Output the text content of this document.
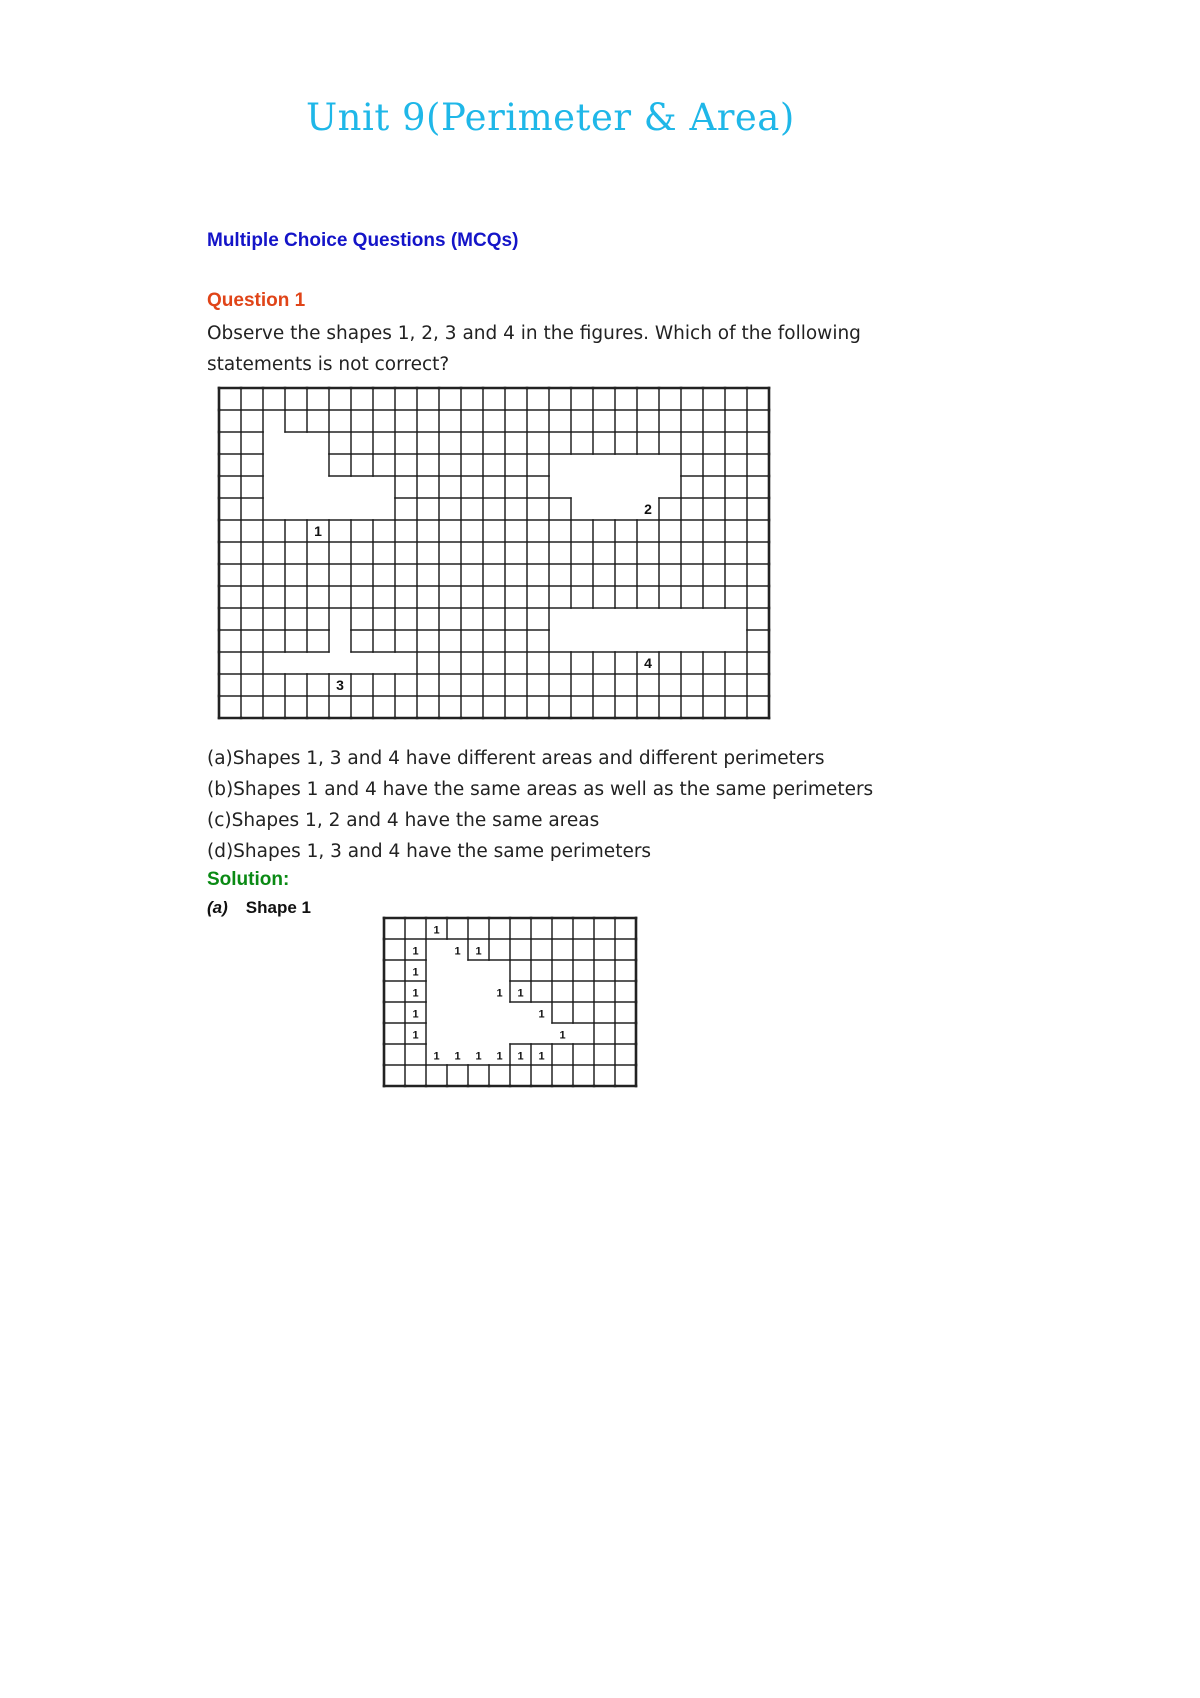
Unit 9(Perimeter & Area)
Multiple Choice Questions (MCQs)
Question 1

Observe the shapes 1, 2, 3 and 4 in the figures. Which of the following statements is not correct?

1
2
3
4
(a)Shapes 1, 3 and 4 have different areas and different perimeters
(b)Shapes 1 and 4 have the same areas as well as the same perimeters
(c)Shapes 1, 2 and 4 have the same areas
(d)Shapes 1, 3 and 4 have the same perimeters
Solution:

(a) Shape 1

1
1	1 1
1
1	1 1
1	1
1	1
1 1 1 1 1 1
